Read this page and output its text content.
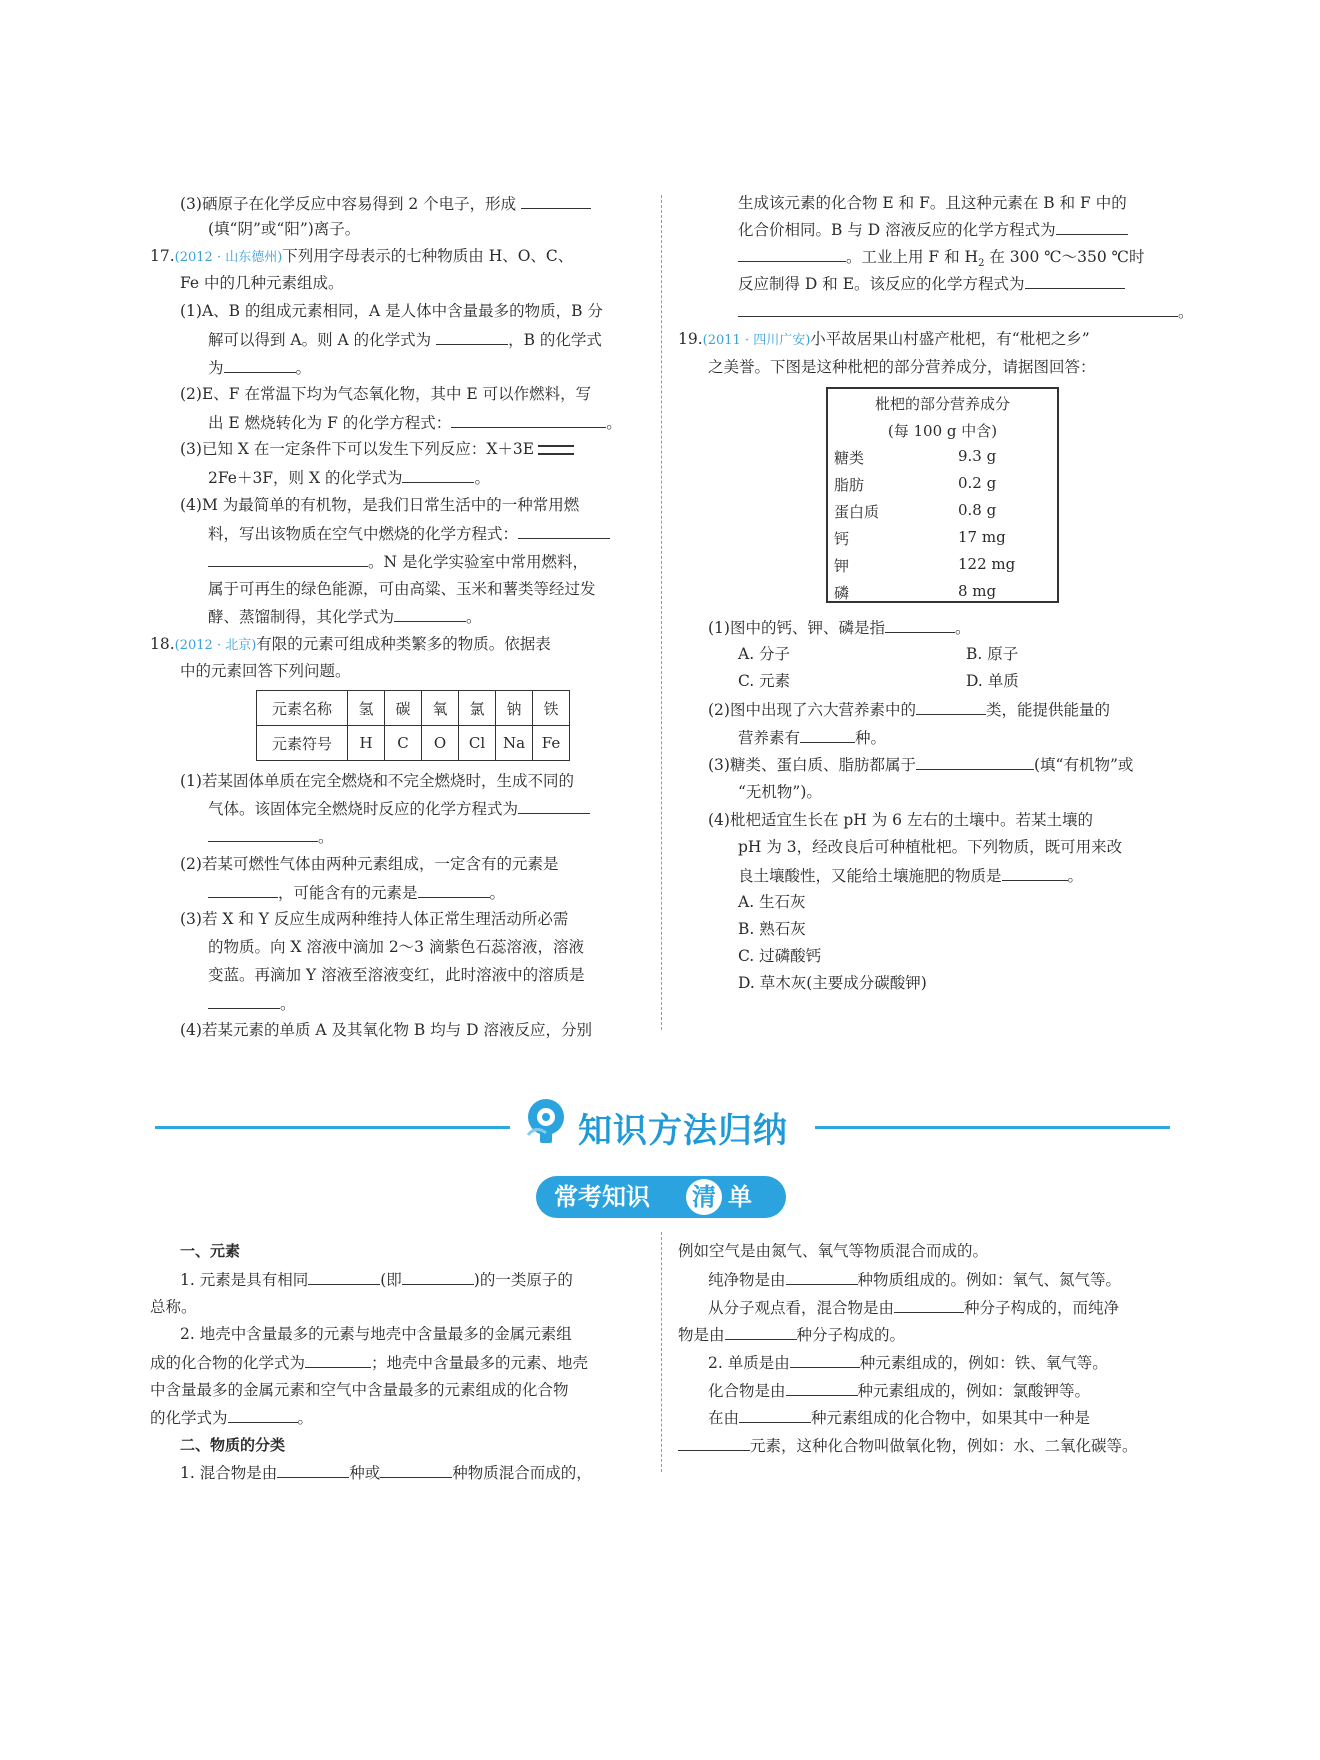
(3)硒原子在化学反应中容易得到 2 个电子，形成
(填“阴”或“阳”)离子。
17.(2012 · 山东德州)下列用字母表示的七种物质由 H、O、C、
Fe 中的几种元素组成。
(1)A、B 的组成元素相同，A 是人体中含量最多的物质，B 分
解可以得到 A。则 A 的化学式为	，B 的化学式
为	。
(2)E、F 在常温下均为气态氧化物，其中 E 可以作燃料，写
出 E 燃烧转化为 F 的化学方程式：	。
(3)已知 X 在一定条件下可以发生下列反应：X＋3E
2Fe＋3F，则 X 的化学式为	。
(4)M 为最简单的有机物，是我们日常生活中的一种常用燃
料，写出该物质在空气中燃烧的化学方程式：
。N 是化学实验室中常用燃料，
属于可再生的绿色能源，可由高粱、玉米和薯类等经过发
酵、蒸馏制得，其化学式为	。
18.(2012 · 北京)有限的元素可组成种类繁多的物质。依据表
中的元素回答下列问题。
元素名称	氢	碳	氧	氯	钠	铁
元素符号	H	C	O	Cl	Na	Fe
(1)若某固体单质在完全燃烧和不完全燃烧时，生成不同的
气体。该固体完全燃烧时反应的化学方程式为
。
(2)若某可燃性气体由两种元素组成，一定含有的元素是
，可能含有的元素是	。
(3)若 X 和 Y 反应生成两种维持人体正常生理活动所必需
的物质。向 X 溶液中滴加 2～3 滴紫色石蕊溶液，溶液
变蓝。再滴加 Y 溶液至溶液变红，此时溶液中的溶质是
。
(4)若某元素的单质 A 及其氧化物 B 均与 D 溶液反应，分别
生成该元素的化合物 E 和 F。且这种元素在 B 和 F 中的
化合价相同。B 与 D 溶液反应的化学方程式为
。工业上用 F 和 $H_2$ 在 300 ℃～350 ℃时
反应制得 D 和 E。该反应的化学方程式为
。
19.(2011 · 四川广安)小平故居果山村盛产枇杷，有“枇杷之乡”
之美誉。下图是这种枇杷的部分营养成分，请据图回答：
枇杷的部分营养成分
(每 100 g 中含)
糖类	9.3 g
脂肪	0.2 g
蛋白质	0.8 g
钙	17 mg
钾	122 mg
磷	8 mg
(1)图中的钙、钾、磷是指	。
A. 分子	B. 原子
C. 元素	D. 单质
(2)图中出现了六大营养素中的	类，能提供能量的
营养素有	种。
(3)糖类、蛋白质、脂肪都属于	(填“有机物”或
“无机物”)。
(4)枇杷适宜生长在 pH 为 6 左右的土壤中。若某土壤的
pH 为 3，经改良后可种植枇杷。下列物质，既可用来改
良土壤酸性，又能给土壤施肥的物质是	。
A. 生石灰
B. 熟石灰
C. 过磷酸钙
D. 草木灰(主要成分碳酸钾)
知识方法归纳
常考知识 清 单
一、元素
1. 元素是具有相同	(即	)的一类原子的
总称。
2. 地壳中含量最多的元素与地壳中含量最多的金属元素组
成的化合物的化学式为	；地壳中含量最多的元素、地壳
中含量最多的金属元素和空气中含量最多的元素组成的化合物
的化学式为	。
二、物质的分类
1. 混合物是由	种或	种物质混合而成的，
例如空气是由氮气、氧气等物质混合而成的。
纯净物是由	种物质组成的。例如：氧气、氮气等。
从分子观点看，混合物是由	种分子构成的，而纯净
物是由	种分子构成的。
2. 单质是由	种元素组成的，例如：铁、氧气等。
化合物是由	种元素组成的，例如：氯酸钾等。
在由	种元素组成的化合物中，如果其中一种是
元素，这种化合物叫做氧化物，例如：水、二氧化碳等。
